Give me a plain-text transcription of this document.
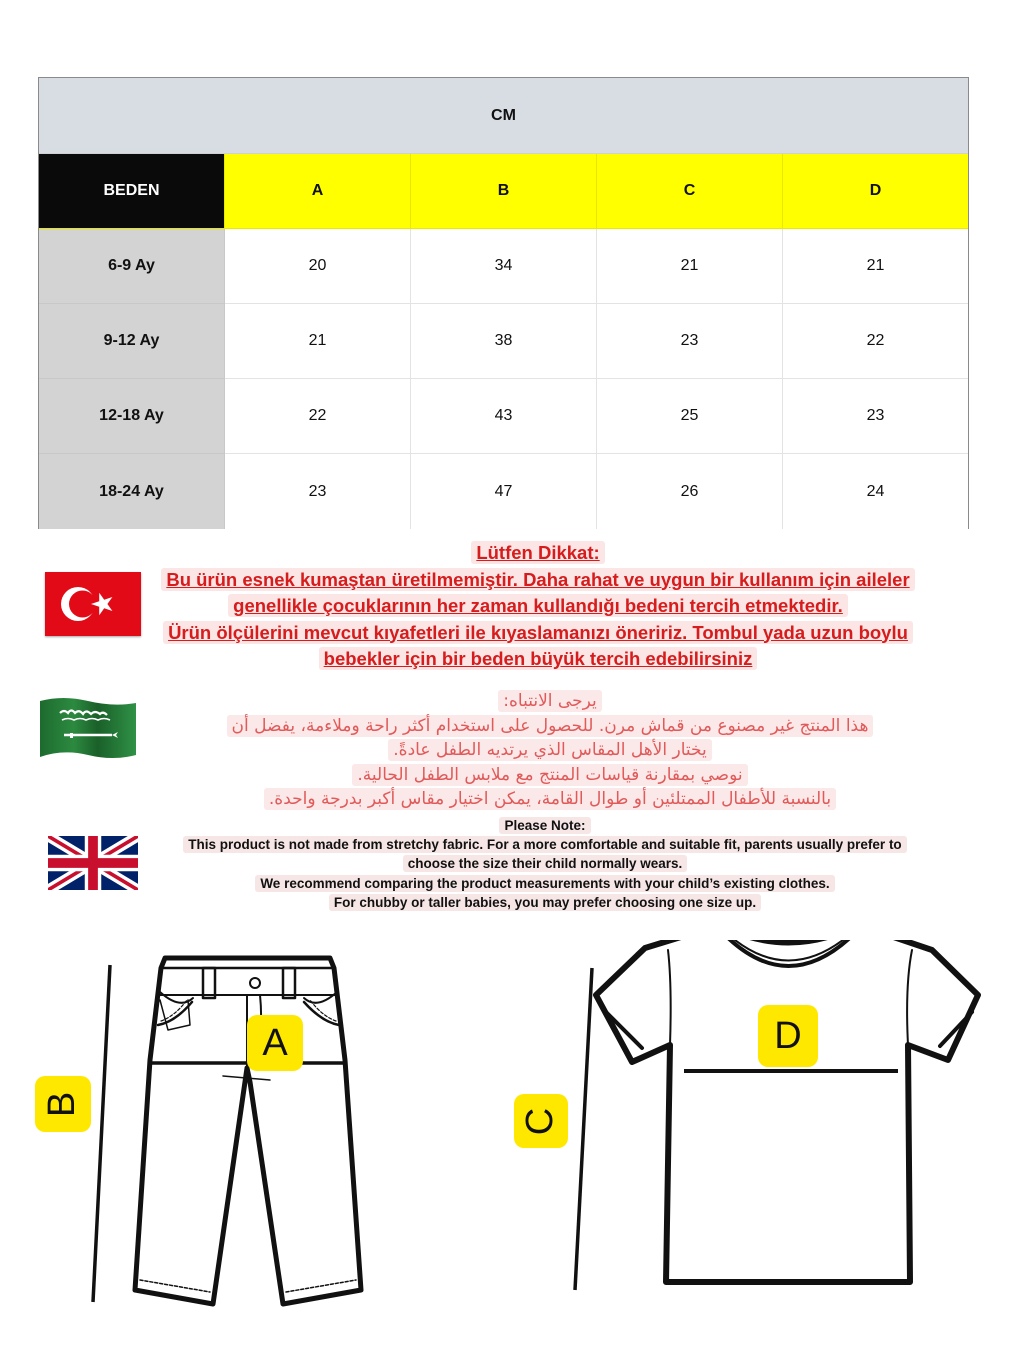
CM
BEDEN	A	B	C	D
6-9 Ay	20	34	21	21
9-12 Ay	21	38	23	22
12-18 Ay	22	43	25	23
18-24 Ay	23	47	26	24
Lütfen Dikkat:
Bu ürün esnek kumaştan üretilmemiştir. Daha rahat ve uygun bir kullanım için aileler
genellikle çocuklarının her zaman kullandığı bedeni tercih etmektedir.
Ürün ölçülerini mevcut kıyafetleri ile kıyaslamanızı öneririz. Tombul yada uzun boylu
bebekler için bir beden büyük tercih edebilirsiniz
يرجى الانتباه:
هذا المنتج غير مصنوع من قماش مرن. للحصول على استخدام أكثر راحة وملاءمة، يفضل أن
يختار الأهل المقاس الذي يرتديه الطفل عادةً.
نوصي بمقارنة قياسات المنتج مع ملابس الطفل الحالية.
بالنسبة للأطفال الممتلئين أو طوال القامة، يمكن اختيار مقاس أكبر بدرجة واحدة.
Please Note:
This product is not made from stretchy fabric. For a more comfortable and suitable fit, parents usually prefer to
choose the size their child normally wears.
We recommend comparing the product measurements with your child’s existing clothes.
For chubby or taller babies, you may prefer choosing one size up.
A
B
C
D
